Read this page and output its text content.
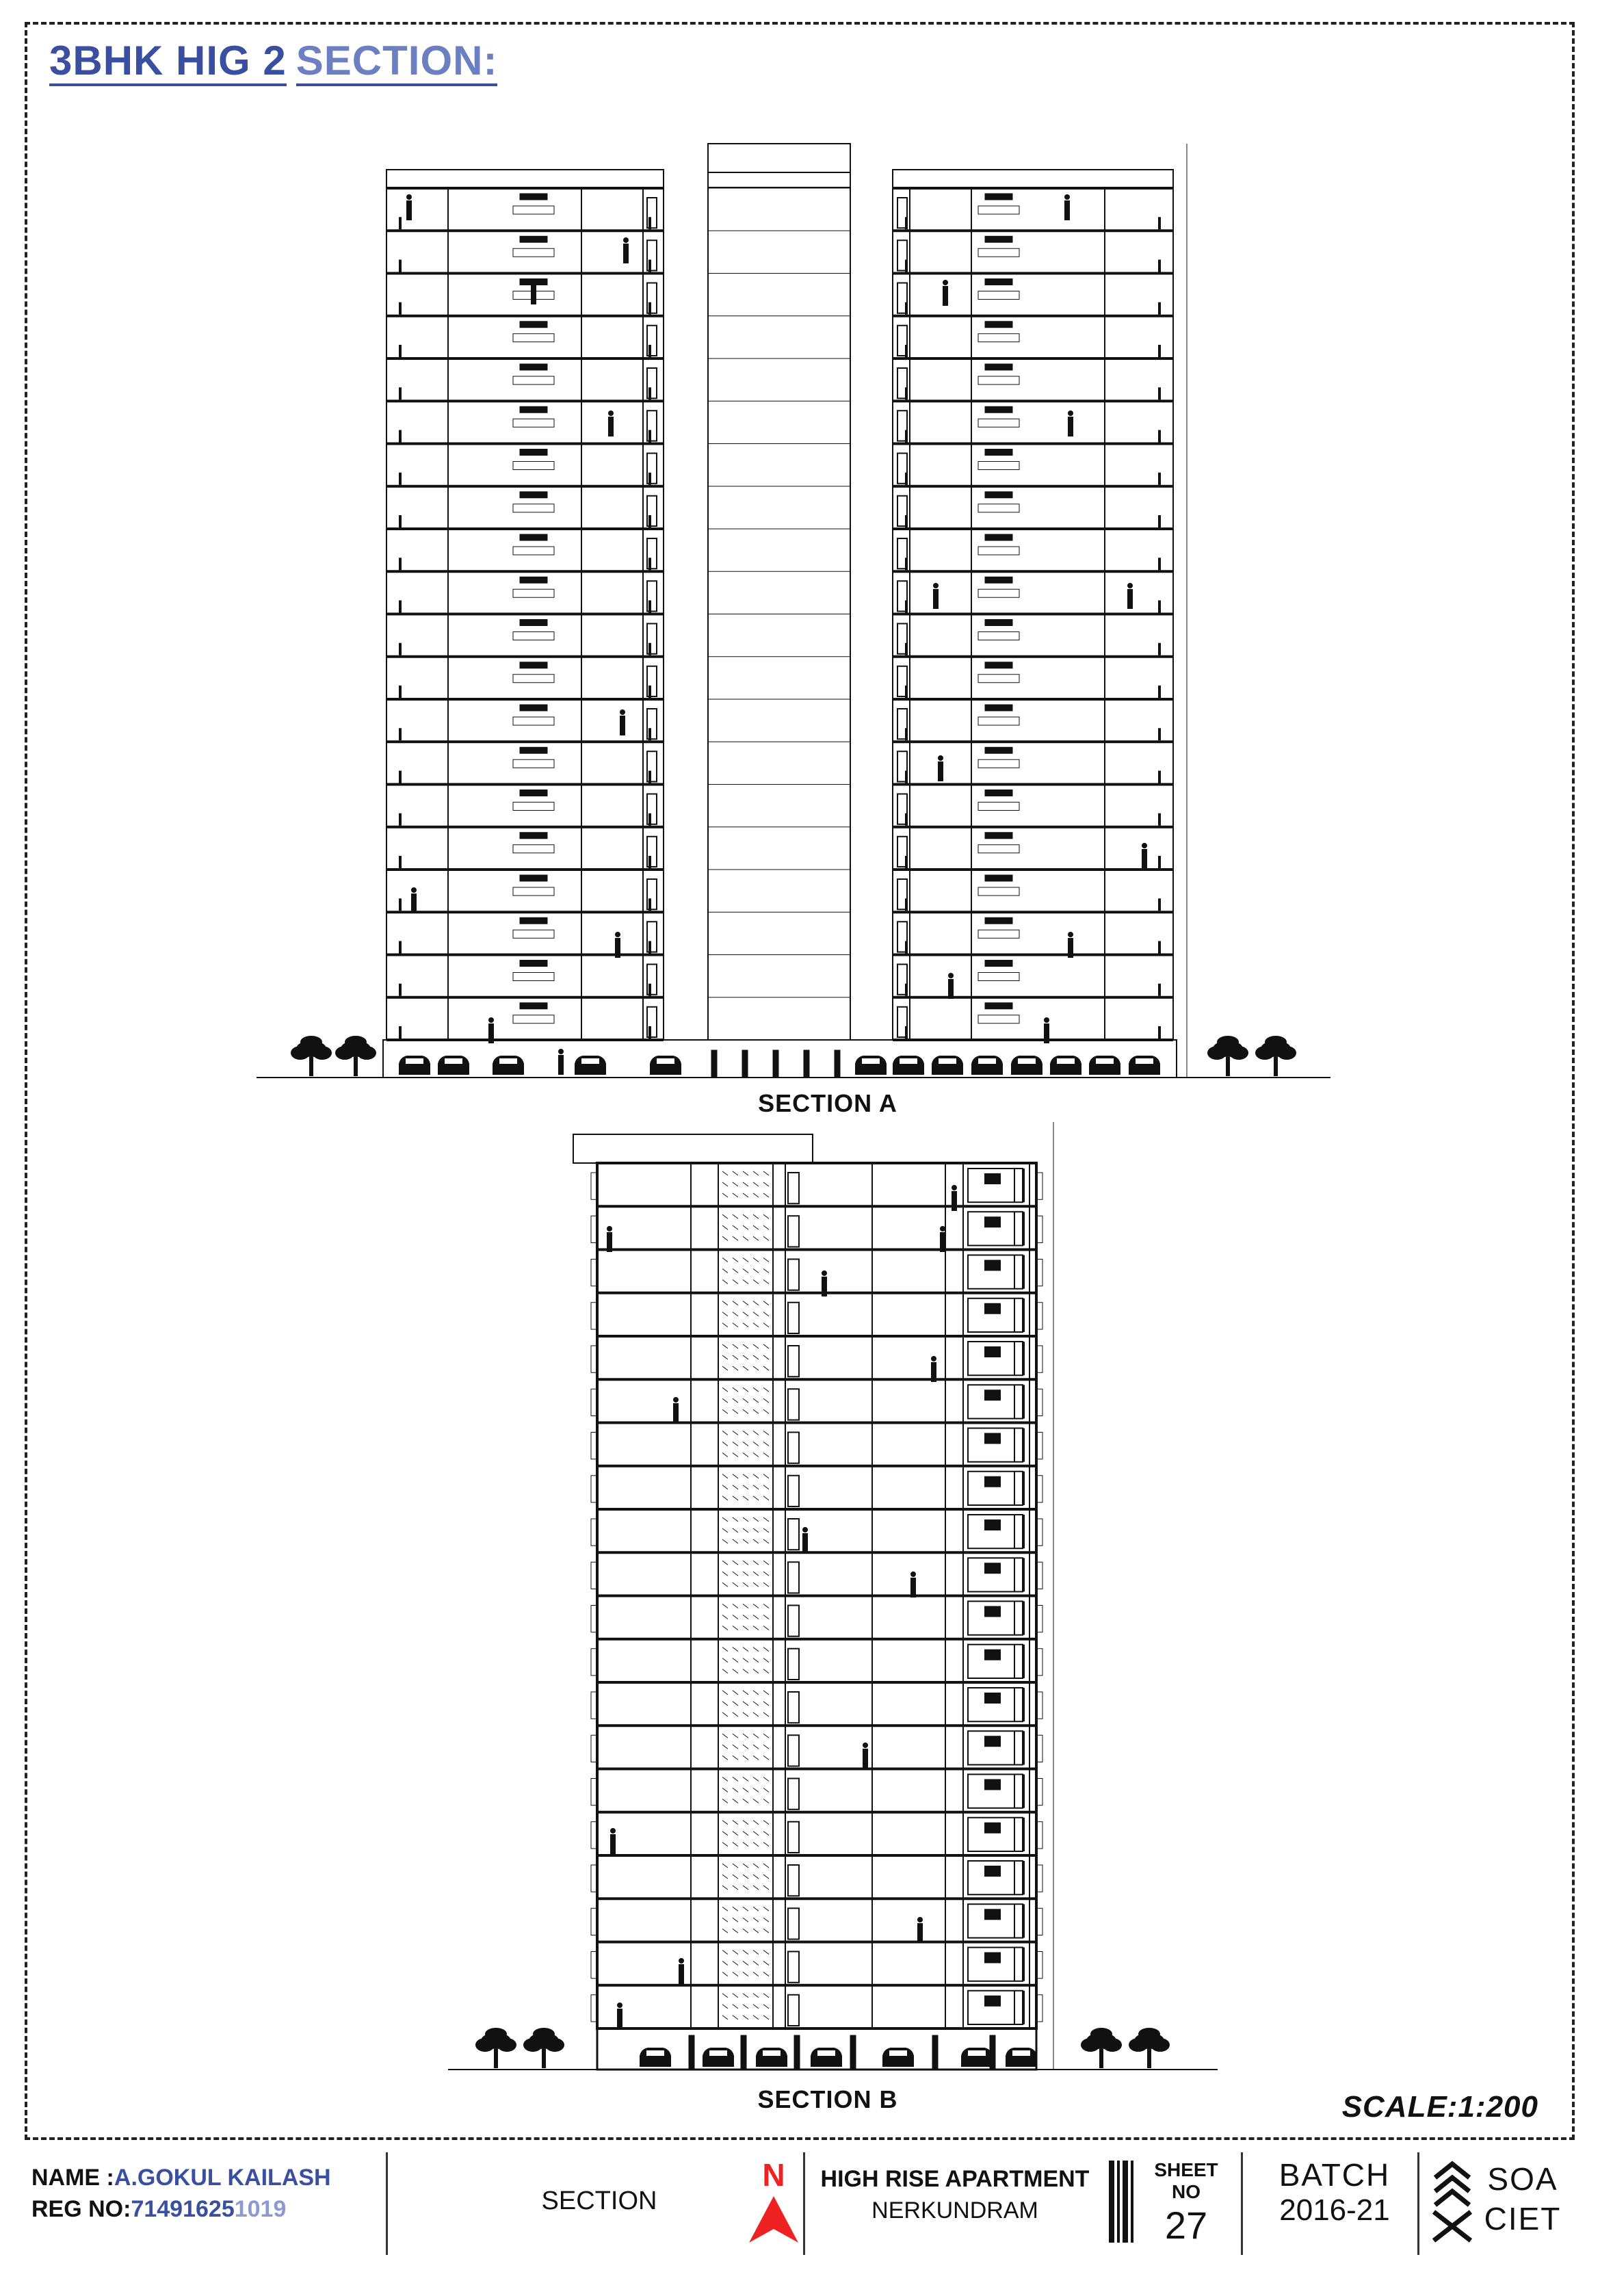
3BHK HIG 2 SECTION:
SECTION A
SECTION B	SCALE:1:200
NAME :A.GOKUL KAILASH
REG NO:714916251019	SECTION
N	HIGH RISE APARTMENT
NERKUNDRAM
SHEET NO
27
BATCH
2016-21
SOA
CIET
